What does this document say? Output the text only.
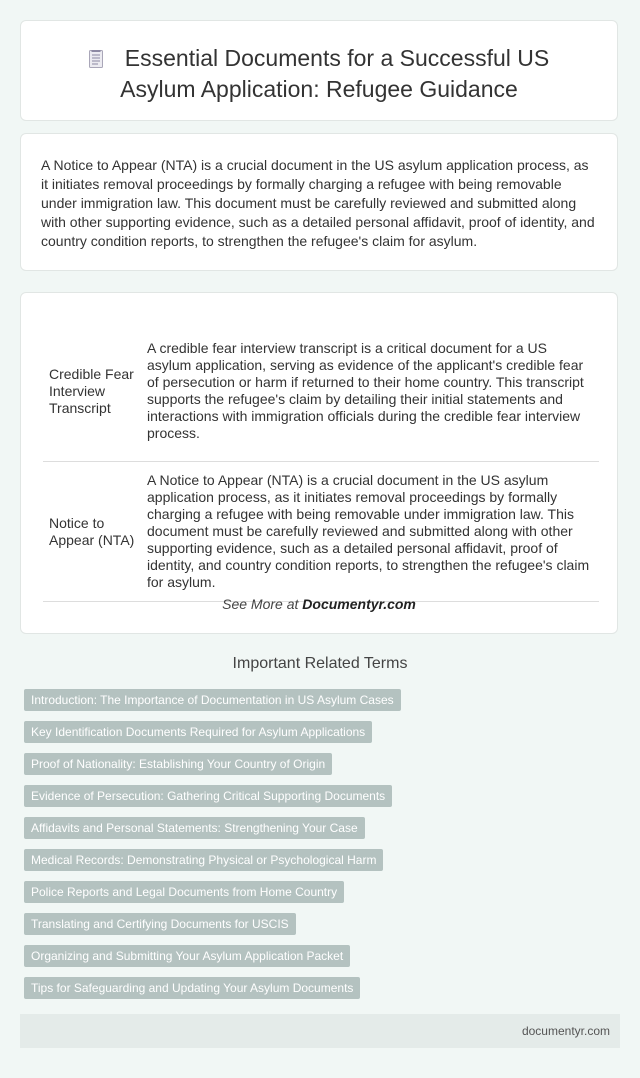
Essential Documents for a Successful US Asylum Application: Refugee Guidance

A Notice to Appear (NTA) is a crucial document in the US asylum application process, as it initiates removal proceedings by formally charging a refugee with being removable under immigration law. This document must be carefully reviewed and submitted along with other supporting evidence, such as a detailed personal affidavit, proof of identity, and country condition reports, to strengthen the refugee's claim for asylum.

Credible Fear Interview Transcript	A credible fear interview transcript is a critical document for a US asylum application, serving as evidence of the applicant's credible fear of persecution or harm if returned to their home country. This transcript supports the refugee's claim by detailing their initial statements and interactions with immigration officials during the credible fear interview process.
Notice to Appear (NTA)	A Notice to Appear (NTA) is a crucial document in the US asylum application process, as it initiates removal proceedings by formally charging a refugee with being removable under immigration law. This document must be carefully reviewed and submitted along with other supporting evidence, such as a detailed personal affidavit, proof of identity, and country condition reports, to strengthen the refugee's claim for asylum.
See More at Documentyr.com
Important Related Terms
Introduction: The Importance of Documentation in US Asylum Cases
Key Identification Documents Required for Asylum Applications
Proof of Nationality: Establishing Your Country of Origin
Evidence of Persecution: Gathering Critical Supporting Documents
Affidavits and Personal Statements: Strengthening Your Case
Medical Records: Demonstrating Physical or Psychological Harm
Police Reports and Legal Documents from Home Country
Translating and Certifying Documents for USCIS
Organizing and Submitting Your Asylum Application Packet
Tips for Safeguarding and Updating Your Asylum Documents
documentyr.com
